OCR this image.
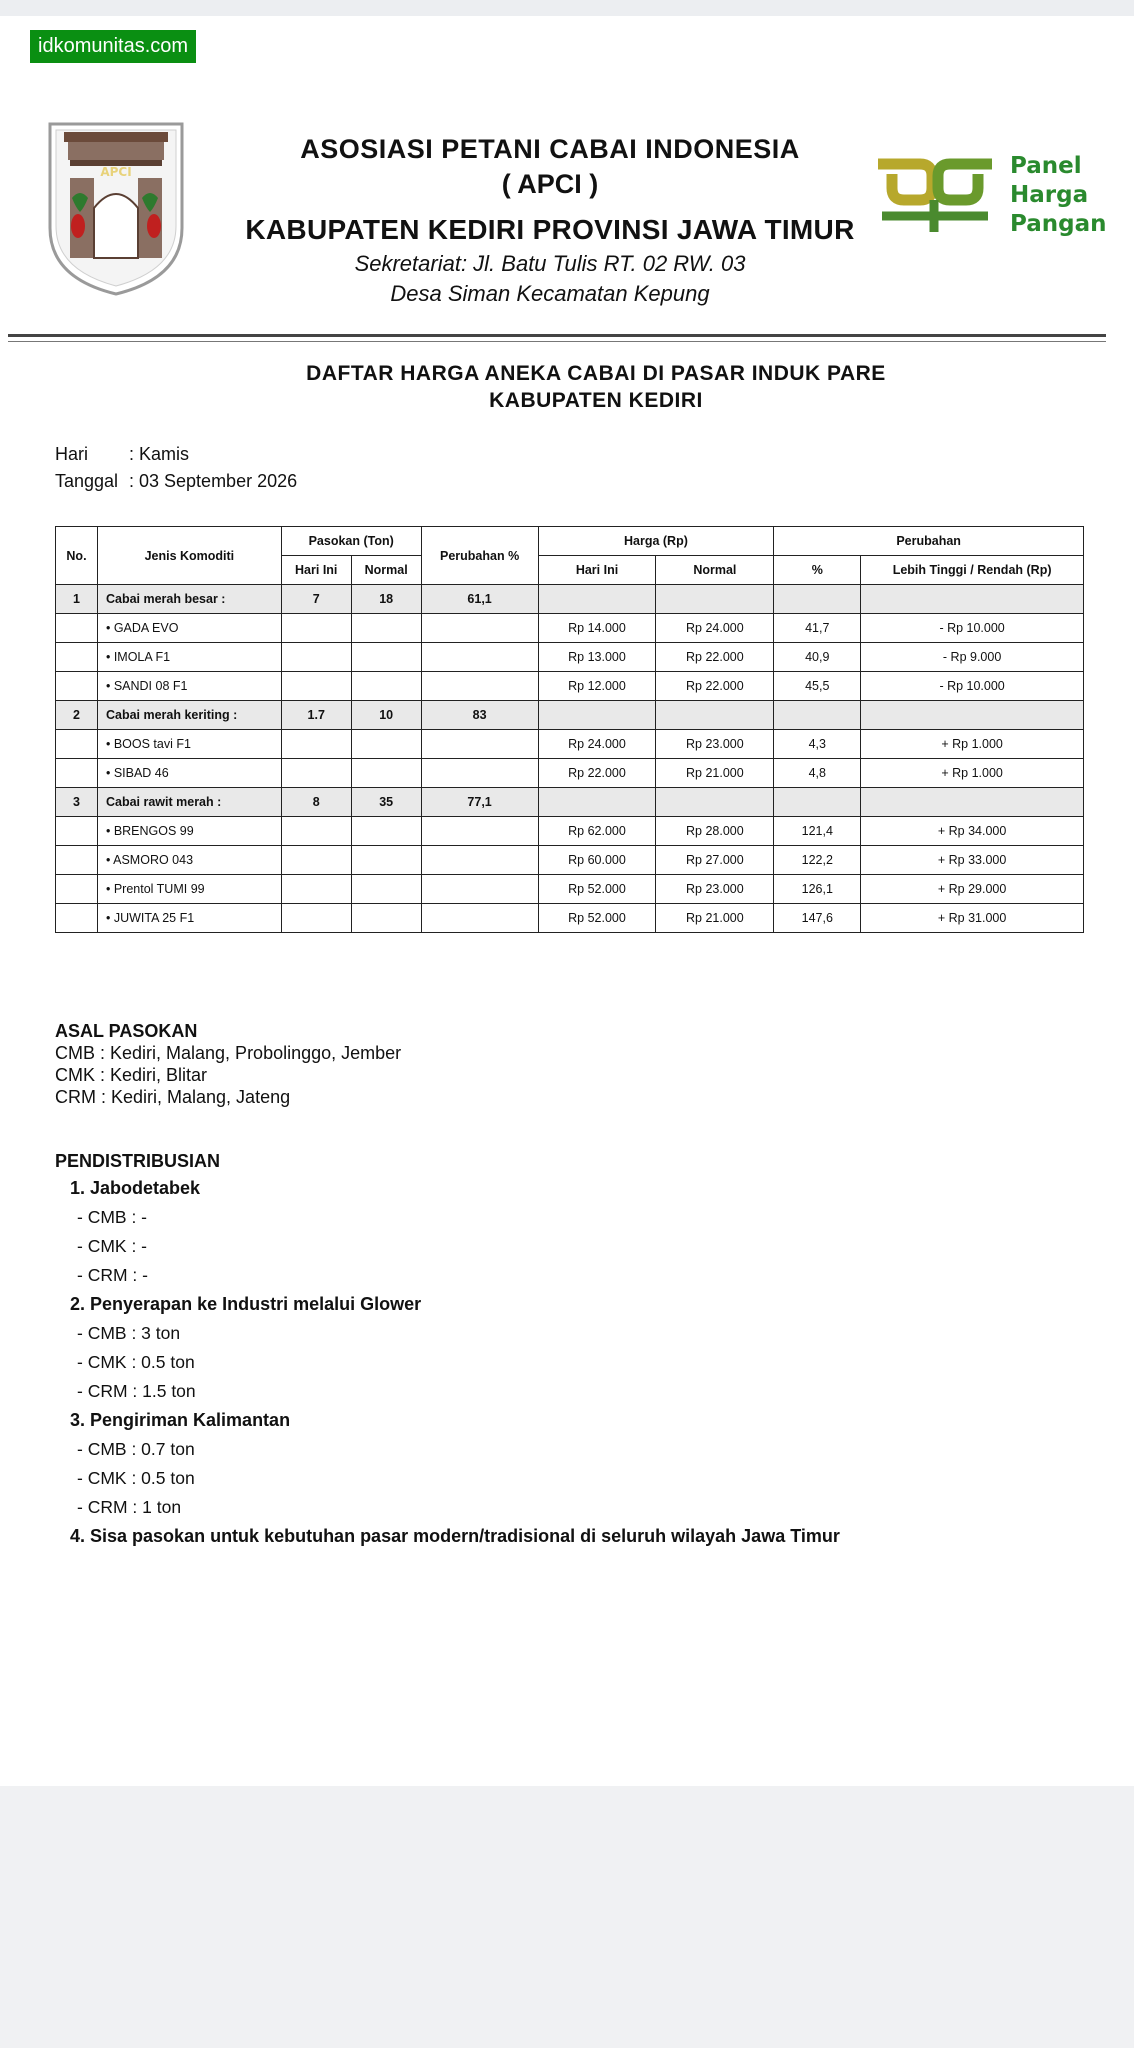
idkomunitas.com
APCI
ASOSIASI PETANI CABAI INDONESIA
( APCI )
KABUPATEN KEDIRI PROVINSI JAWA TIMUR
Sekretariat: Jl. Batu Tulis RT. 02 RW. 03
Desa Siman Kecamatan Kepung
Panel
Harga
Pangan
DAFTAR HARGA ANEKA CABAI DI PASAR INDUK PARE
KABUPATEN KEDIRI
Hari : Kamis
Tanggal : 03 September 2026
No.	Jenis Komoditi	Pasokan (Ton)		Perubahan %	Harga (Rp)		Perubahan	
		Hari Ini	Normal		Hari Ini	Normal	%	Lebih Tinggi / Rendah (Rp)
1	Cabai merah besar :	7	18	61,1				
	• GADA EVO				Rp 14.000	Rp 24.000	41,7	- Rp 10.000
	• IMOLA F1				Rp 13.000	Rp 22.000	40,9	- Rp 9.000
	• SANDI 08 F1				Rp 12.000	Rp 22.000	45,5	- Rp 10.000
2	Cabai merah keriting :	1.7	10	83				
	• BOOS tavi F1				Rp 24.000	Rp 23.000	4,3	+ Rp 1.000
	• SIBAD 46				Rp 22.000	Rp 21.000	4,8	+ Rp 1.000
3	Cabai rawit merah :	8	35	77,1				
	• BRENGOS 99				Rp 62.000	Rp 28.000	121,4	+ Rp 34.000
	• ASMORO 043				Rp 60.000	Rp 27.000	122,2	+ Rp 33.000
	• Prentol TUMI 99				Rp 52.000	Rp 23.000	126,1	+ Rp 29.000
	• JUWITA 25 F1				Rp 52.000	Rp 21.000	147,6	+ Rp 31.000
ASAL PASOKAN
CMB : Kediri, Malang, Probolinggo, Jember
CMK : Kediri, Blitar
CRM : Kediri, Malang, Jateng
PENDISTRIBUSIAN
1. Jabodetabek
- CMB : -
- CMK : -
- CRM : -
2. Penyerapan ke Industri melalui Glower
- CMB : 3 ton
- CMK : 0.5 ton
- CRM : 1.5 ton
3. Pengiriman Kalimantan
- CMB : 0.7 ton
- CMK : 0.5 ton
- CRM : 1 ton
4. Sisa pasokan untuk kebutuhan pasar modern/tradisional di seluruh wilayah Jawa Timur
